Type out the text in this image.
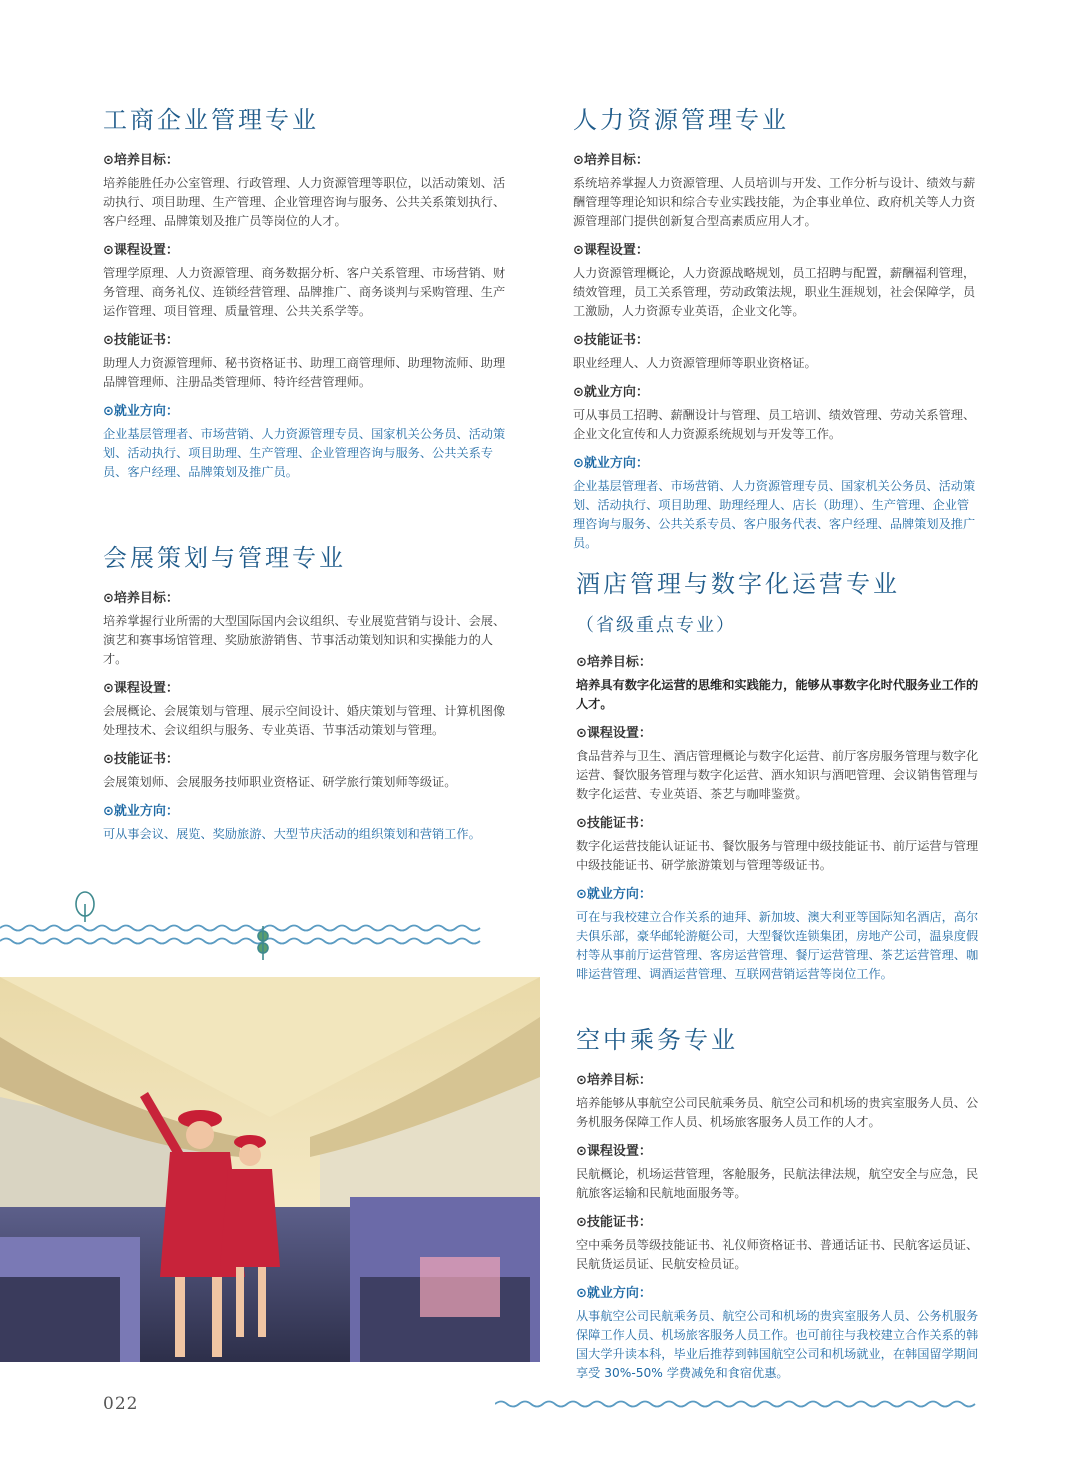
工商企业管理专业
⊙培养目标：

培养能胜任办公室管理、行政管理、人力资源管理等职位，以活动策划、活动执行、项目助理、生产管理、企业管理咨询与服务、公共关系策划执行、客户经理、品牌策划及推广员等岗位的人才。

⊙课程设置：

管理学原理、人力资源管理、商务数据分析、客户关系管理、市场营销、财务管理、商务礼仪、连锁经营管理、品牌推广、商务谈判与采购管理、生产运作管理、项目管理、质量管理、公共关系学等。

⊙技能证书：

助理人力资源管理师、秘书资格证书、助理工商管理师、助理物流师、助理品牌管理师、注册品类管理师、特许经营管理师。

⊙就业方向：

企业基层管理者、市场营销、人力资源管理专员、国家机关公务员、活动策划、活动执行、项目助理、生产管理、企业管理咨询与服务、公共关系专员、客户经理、品牌策划及推广员。

人力资源管理专业
⊙培养目标：

系统培养掌握人力资源管理、人员培训与开发、工作分析与设计、绩效与薪酬管理等理论知识和综合专业实践技能，为企事业单位、政府机关等人力资源管理部门提供创新复合型高素质应用人才。

⊙课程设置：

人力资源管理概论，人力资源战略规划，员工招聘与配置，薪酬福利管理，绩效管理，员工关系管理，劳动政策法规，职业生涯规划，社会保障学，员工激励，人力资源专业英语，企业文化等。

⊙技能证书：

职业经理人、人力资源管理师等职业资格证。

⊙就业方向：

可从事员工招聘、薪酬设计与管理、员工培训、绩效管理、劳动关系管理、企业文化宣传和人力资源系统规划与开发等工作。

⊙就业方向：

企业基层管理者、市场营销、人力资源管理专员、国家机关公务员、活动策划、活动执行、项目助理、助理经理人、店长（助理）、生产管理、企业管理咨询与服务、公共关系专员、客户服务代表、客户经理、品牌策划及推广员。

会展策划与管理专业
⊙培养目标：

培养掌握行业所需的大型国际国内会议组织、专业展览营销与设计、会展、演艺和赛事场馆管理、奖励旅游销售、节事活动策划知识和实操能力的人才。

⊙课程设置：

会展概论、会展策划与管理、展示空间设计、婚庆策划与管理、计算机图像处理技术、会议组织与服务、专业英语、节事活动策划与管理。

⊙技能证书：

会展策划师、会展服务技师职业资格证、研学旅行策划师等级证。

⊙就业方向：

可从事会议、展览、奖励旅游、大型节庆活动的组织策划和营销工作。

酒店管理与数字化运营专业
（省级重点专业）
⊙培养目标：

培养具有数字化运营的思维和实践能力，能够从事数字化时代服务业工作的人才。

⊙课程设置：

食品营养与卫生、酒店管理概论与数字化运营、前厅客房服务管理与数字化运营、餐饮服务管理与数字化运营、酒水知识与酒吧管理、会议销售管理与数字化运营、专业英语、茶艺与咖啡鉴赏。

⊙技能证书：

数字化运营技能认证证书、餐饮服务与管理中级技能证书、前厅运营与管理中级技能证书、研学旅游策划与管理等级证书。

⊙就业方向：

可在与我校建立合作关系的迪拜、新加坡、澳大利亚等国际知名酒店，高尔夫俱乐部，豪华邮轮游艇公司，大型餐饮连锁集团，房地产公司，温泉度假村等从事前厅运营管理、客房运营管理、餐厅运营管理、茶艺运营管理、咖啡运营管理、调酒运营管理、互联网营销运营等岗位工作。

空中乘务专业
⊙培养目标：

培养能够从事航空公司民航乘务员、航空公司和机场的贵宾室服务人员、公务机服务保障工作人员、机场旅客服务人员工作的人才。

⊙课程设置：

民航概论，机场运营管理，客舱服务，民航法律法规，航空安全与应急，民航旅客运输和民航地面服务等。

⊙技能证书：

空中乘务员等级技能证书、礼仪师资格证书、普通话证书、民航客运员证、民航货运员证、民航安检员证。

⊙就业方向：

从事航空公司民航乘务员、航空公司和机场的贵宾室服务人员、公务机服务保障工作人员、机场旅客服务人员工作。也可前往与我校建立合作关系的韩国大学升读本科，毕业后推荐到韩国航空公司和机场就业，在韩国留学期间享受 30%-50% 学费减免和食宿优惠。

022
